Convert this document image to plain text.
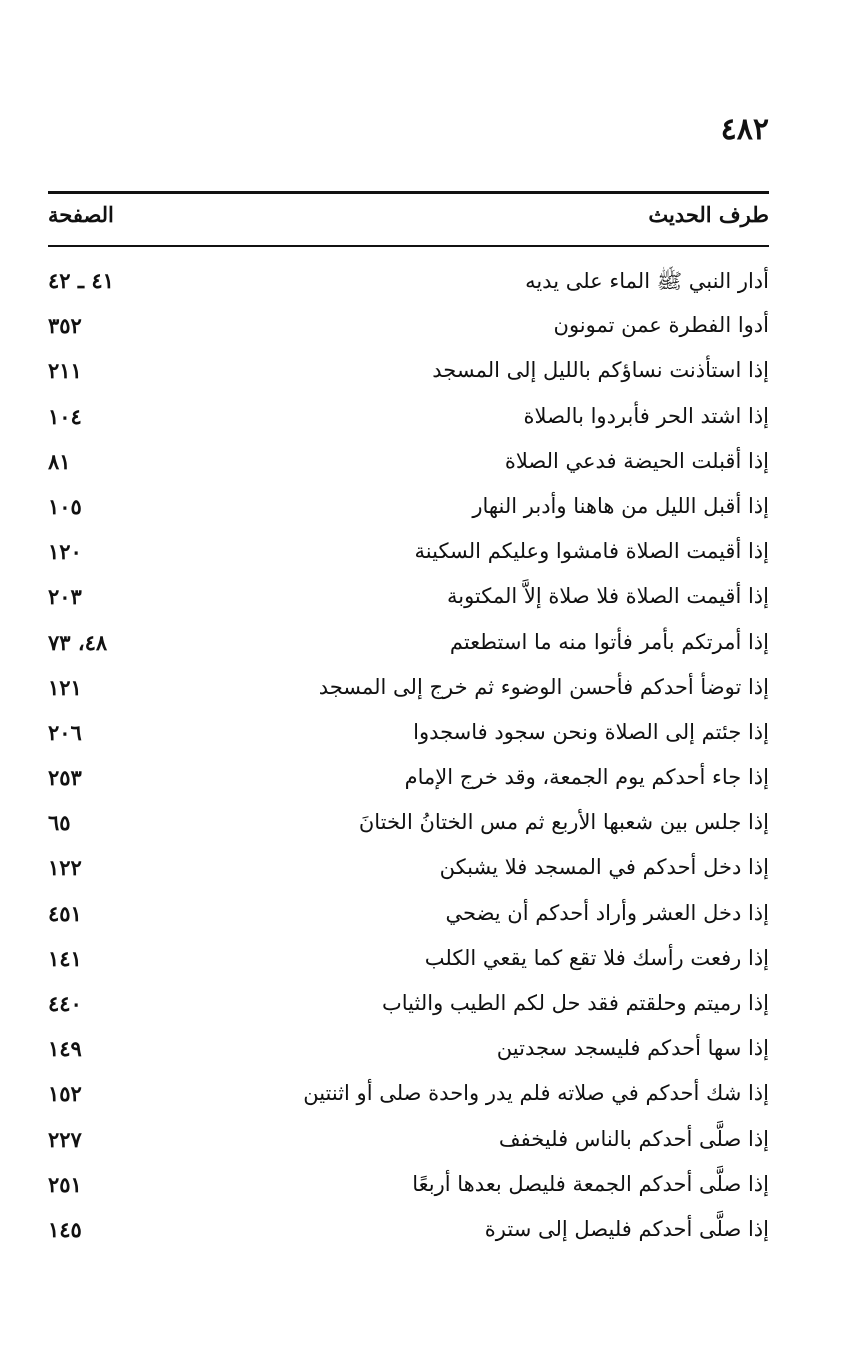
٤٨٢
طرف الحديث
الصفحة
أدار النبي ﷺ الماء على يديه
٤١ ـ ٤٢
أدوا الفطرة عمن تمونون
٣٥٢
إذا استأذنت نساؤكم بالليل إلى المسجد
٢١١
إذا اشتد الحر فأبردوا بالصلاة
١٠٤
إذا أقبلت الحيضة فدعي الصلاة
٨١
إذا أقبل الليل من هاهنا وأدبر النهار
١٠٥
إذا أقيمت الصلاة فامشوا وعليكم السكينة
١٢٠
إذا أقيمت الصلاة فلا صلاة إلاَّ المكتوبة
٢٠٣
إذا أمرتكم بأمر فأتوا منه ما استطعتم
٤٨، ٧٣
إذا توضأ أحدكم فأحسن الوضوء ثم خرج إلى المسجد
١٢١
إذا جئتم إلى الصلاة ونحن سجود فاسجدوا
٢٠٦
إذا جاء أحدكم يوم الجمعة، وقد خرج الإمام
٢٥٣
إذا جلس بين شعبها الأربع ثم مس الختانُ الختانَ
٦٥
إذا دخل أحدكم في المسجد فلا يشبكن
١٢٢
إذا دخل العشر وأراد أحدكم أن يضحي
٤٥١
إذا رفعت رأسك فلا تقع كما يقعي الكلب
١٤١
إذا رميتم وحلقتم فقد حل لكم الطيب والثياب
٤٤٠
إذا سها أحدكم فليسجد سجدتين
١٤٩
إذا شك أحدكم في صلاته فلم يدر واحدة صلى أو اثنتين
١٥٢
إذا صلَّى أحدكم بالناس فليخفف
٢٢٧
إذا صلَّى أحدكم الجمعة فليصل بعدها أربعًا
٢٥١
إذا صلَّى أحدكم فليصل إلى سترة
١٤٥
